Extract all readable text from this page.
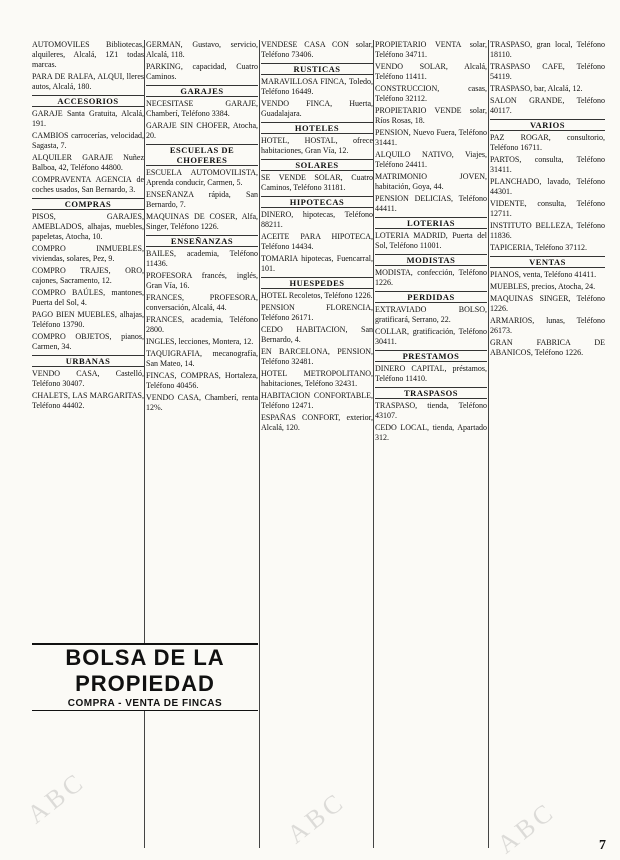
AUTOMOVILES Bibliotecas, alquileres, Alcalá, 1Z1 todas marcas.
PARA DE RALFA, ALQUI, lleres autos, Alcalá, 180.
ACCESORIOS
GARAJE Santa Gratuita, Alcalá, 191.
CAMBIOS carrocerías, velocidad, Sagasta, 7.
ALQUILER GARAJE Nuñez Balboa, 42, Teléfono 44800.
COMPRAVENTA AGENCIA de coches usados, San Bernardo, 3.
COMPRAS
PISOS, GARAJES, AMEBLADOS, alhajas, muebles, papeletas, Atocha, 10.
COMPRO INMUEBLES, viviendas, solares, Pez, 9.
COMPRO TRAJES, ORO, cajones, Sacramento, 12.
COMPRO BAÚLES, mantones, Puerta del Sol, 4.
PAGO BIEN MUEBLES, alhajas, Teléfono 13790.
COMPRO OBJETOS, pianos, Carmen, 34.
URBANAS
VENDO CASA, Castelló, Teléfono 30407.
CHALETS, LAS MARGARITAS, Teléfono 44402.
GERMAN, Gustavo, servicio, Alcalá, 118.
PARKING, capacidad, Cuatro Caminos.
GARAJES
NECESITASE GARAJE, Chamberí, Teléfono 3384.
GARAJE SIN CHOFER, Atocha, 20.
ESCUELAS DE CHOFERES
ESCUELA AUTOMOVILISTA, Aprenda conducir, Carmen, 5.
ENSEÑANZA rápida, San Bernardo, 7.
MAQUINAS DE COSER, Alfa, Singer, Teléfono 1226.
ENSEÑANZAS
BAILES, academia, Teléfono 11436.
PROFESORA francés, inglés, Gran Vía, 16.
FRANCES, PROFESORA, conversación, Alcalá, 44.
FRANCES, academia, Teléfono 2800.
INGLES, lecciones, Montera, 12.
TAQUIGRAFIA, mecanografía, San Mateo, 14.
FINCAS, COMPRAS, Hortaleza, Teléfono 40456.
VENDO CASA, Chamberí, renta 12%.
VENDESE CASA CON solar, Teléfono 73406.
RUSTICAS
MARAVILLOSA FINCA, Toledo, Teléfono 16449.
VENDO FINCA, Huerta, Guadalajara.
HOTELES
HOTEL, HOSTAL, ofrece habitaciones, Gran Vía, 12.
SOLARES
SE VENDE SOLAR, Cuatro Caminos, Teléfono 31181.
HIPOTECAS
DINERO, hipotecas, Teléfono 88211.
ACEITE PARA HIPOTECA, Teléfono 14434.
TOMARIA hipotecas, Fuencarral, 101.
HUESPEDES
HOTEL Recoletos, Teléfono 1226.
PENSION FLORENCIA, Teléfono 26171.
CEDO HABITACION, San Bernardo, 4.
EN BARCELONA, PENSION, Teléfono 32481.
HOTEL METROPOLITANO, habitaciones, Teléfono 32431.
HABITACION CONFORTABLE, Teléfono 12471.
ESPAÑAS CONFORT, exterior, Alcalá, 120.
PROPIETARIO VENTA solar, Teléfono 34711.
VENDO SOLAR, Alcalá, Teléfono 11411.
CONSTRUCCION, casas, Teléfono 32112.
PROPIETARIO VENDE solar, Ríos Rosas, 18.
PENSION, Nuevo Fuera, Teléfono 31441.
ALQUILO NATIVO, Viajes, Teléfono 24411.
MATRIMONIO JOVEN, habitación, Goya, 44.
PENSION DELICIAS, Teléfono 44411.
LOTERIAS
LOTERIA MADRID, Puerta del Sol, Teléfono 11001.
MODISTAS
MODISTA, confección, Teléfono 1226.
PERDIDAS
EXTRAVIADO BOLSO, gratificará, Serrano, 22.
COLLAR, gratificación, Teléfono 30411.
PRESTAMOS
DINERO CAPITAL, préstamos, Teléfono 11410.
TRASPASOS
TRASPASO, tienda, Teléfono 43107.
CEDO LOCAL, tienda, Apartado 312.
TRASPASO, gran local, Teléfono 18110.
TRASPASO CAFE, Teléfono 54119.
TRASPASO, bar, Alcalá, 12.
SALON GRANDE, Teléfono 40117.
VARIOS
PAZ ROGAR, consultorio, Teléfono 16711.
PARTOS, consulta, Teléfono 31411.
PLANCHADO, lavado, Teléfono 44301.
VIDENTE, consulta, Teléfono 12711.
INSTITUTO BELLEZA, Teléfono 11836.
TAPICERIA, Teléfono 37112.
VENTAS
PIANOS, venta, Teléfono 41411.
MUEBLES, precios, Atocha, 24.
MAQUINAS SINGER, Teléfono 1226.
ARMARIOS, lunas, Teléfono 26173.
GRAN FABRICA DE ABANICOS, Teléfono 1226.
BOLSA DE LA PROPIEDAD
COMPRA - VENTA DE FINCAS
ABC	ABC	ABC	7
